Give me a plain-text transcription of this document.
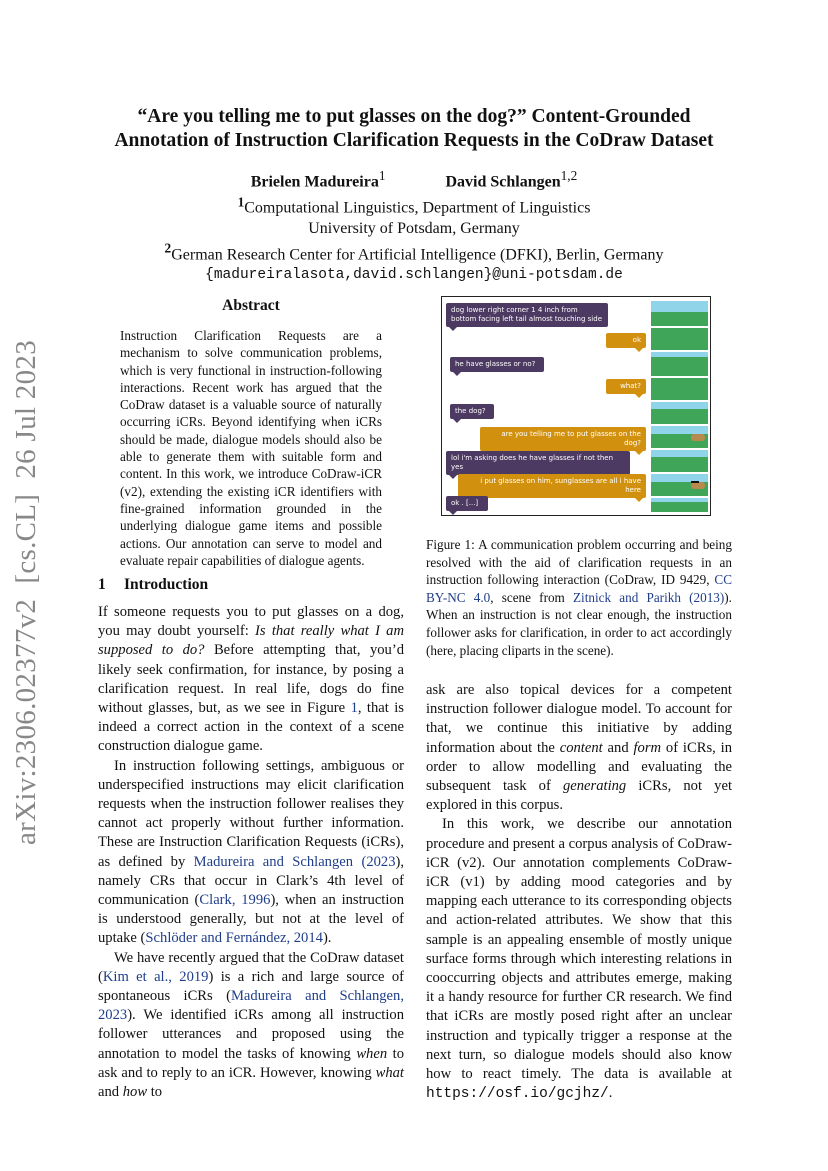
“Are you telling me to put glasses on the dog?” Content-Grounded
Annotation of Instruction Clarification Requests in the CoDraw Dataset
Brielen Madureira$^1$	David Schlangen$^{1,2}$
$^1$Computational Linguistics, Department of Linguistics
University of Potsdam, Germany
$^2$German Research Center for Artificial Intelligence (DFKI), Berlin, Germany
{madureiralasota,david.schlangen}@uni-potsdam.de
arXiv:2306.02377v2  [cs.CL]  26 Jul 2023
Abstract
Instruction Clarification Requests are a mechanism to solve communication problems, which is very functional in instruction-following interactions. Recent work has argued that the CoDraw dataset is a valuable source of naturally occurring iCRs. Beyond identifying when iCRs should be made, dialogue models should also be able to generate them with suitable form and content. In this work, we introduce CoDraw-iCR (v2), extending the existing iCR identifiers with fine-grained information grounded in the underlying dialogue game items and possible actions. Our annotation can serve to model and evaluate repair capabilities of dialogue agents.
1 Introduction

If someone requests you to put glasses on a dog, you may doubt yourself: Is that really what I am supposed to do? Before attempting that, you’d likely seek confirmation, for instance, by posing a clarification request. In real life, dogs do fine without glasses, but, as we see in Figure 1, that is indeed a correct action in the context of a scene construction dialogue game.

In instruction following settings, ambiguous or underspecified instructions may elicit clarification requests when the instruction follower realises they cannot act properly without further information. These are Instruction Clarification Requests (iCRs), as defined by Madureira and Schlangen (2023), namely CRs that occur in Clark’s 4th level of communication (Clark, 1996), when an instruction is understood generally, but not at the level of uptake (Schlöder and Fernández, 2014).

We have recently argued that the CoDraw dataset (Kim et al., 2019) is a rich and large source of spontaneous iCRs (Madureira and Schlangen, 2023). We identified iCRs among all instruction follower utterances and proposed using the annotation to model the tasks of knowing when to ask and to reply to an iCR. However, knowing what and how to

dog lower right corner 1 4 inch from bottom facing left tail almost touching side
ok
he have glasses or no?
what?
the dog?
are you telling me to put glasses on the dog?
lol i'm asking does he have glasses if not then yes
i put glasses on him, sunglasses are all i have here
ok . [...]
Figure 1: A communication problem occurring and being resolved with the aid of clarification requests in an instruction following interaction (CoDraw, ID 9429, CC BY-NC 4.0, scene from Zitnick and Parikh (2013)). When an instruction is not clear enough, the instruction follower asks for clarification, in order to act accordingly (here, placing cliparts in the scene).

ask are also topical devices for a competent instruction follower dialogue model. To account for that, we continue this initiative by adding information about the content and form of iCRs, in order to allow modelling and evaluating the subsequent task of generating iCRs, not yet explored in this corpus.

In this work, we describe our annotation procedure and present a corpus analysis of CoDraw-iCR (v2). Our annotation complements CoDraw-iCR (v1) by adding mood categories and by mapping each utterance to its corresponding objects and action-related attributes. We show that this sample is an appealing ensemble of mostly unique surface forms through which interesting relations in cooccurring objects and attributes emerge, making it a handy resource for further CR research. We find that iCRs are mostly posed right after an unclear instruction and typically trigger a response at the next turn, so dialogue models should also know how to react timely. The data is available at https://osf.io/gcjhz/.
